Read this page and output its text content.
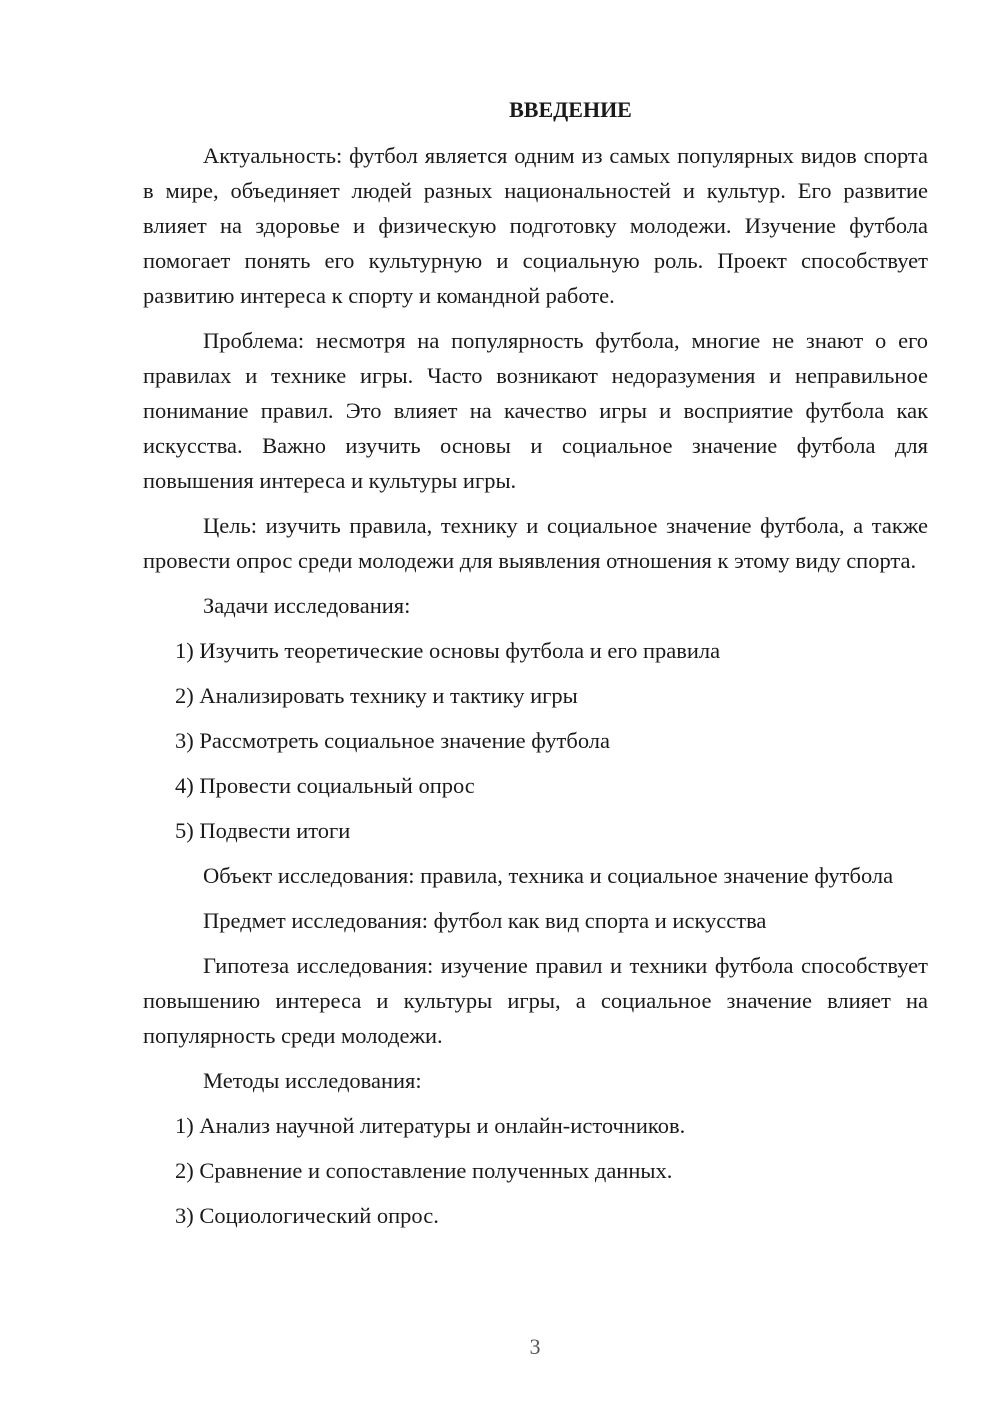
ВВЕДЕНИЕ

Актуальность: футбол является одним из самых популярных видов спорта в мире, объединяет людей разных национальностей и культур. Его развитие влияет на здоровье и физическую подготовку молодежи. Изучение футбола помогает понять его культурную и социальную роль. Проект способствует развитию интереса к спорту и командной работе.

Проблема: несмотря на популярность футбола, многие не знают о его правилах и технике игры. Часто возникают недоразумения и неправильное понимание правил. Это влияет на качество игры и восприятие футбола как искусства. Важно изучить основы и социальное значение футбола для повышения интереса и культуры игры.

Цель: изучить правила, технику и социальное значение футбола, а также провести опрос среди молодежи для выявления отношения к этому виду спорта.

Задачи исследования:

1) Изучить теоретические основы футбола и его правила
2) Анализировать технику и тактику игры
3) Рассмотреть социальное значение футбола
4) Провести социальный опрос
5) Подвести итоги

Объект исследования: правила, техника и социальное значение футбола

Предмет исследования: футбол как вид спорта и искусства

Гипотеза исследования: изучение правил и техники футбола способствует повышению интереса и культуры игры, а социальное значение влияет на популярность среди молодежи.

Методы исследования:

1) Анализ научной литературы и онлайн-источников.
2) Сравнение и сопоставление полученных данных.
3) Социологический опрос.
3
